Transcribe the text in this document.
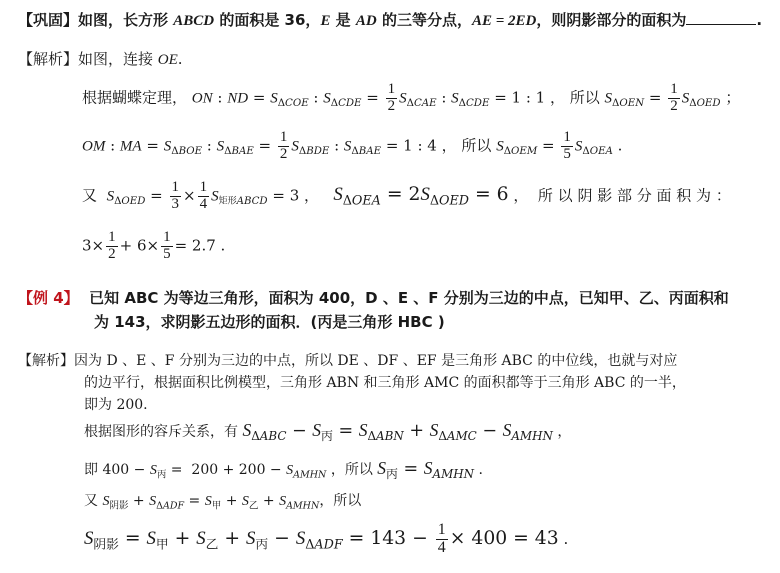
【巩固】如图，长方形 ABCD 的面积是 36，E 是 AD 的三等分点，AE = 2ED，则阴影部分的面积为	.
【解析】如图，连接 OE.
根据蝴蝶定理， ON : ND = $S_{\Delta COE}$ : $S_{\Delta CDE} = \frac{1}{2} S_{\Delta CAE}$ : $S_{\Delta CDE} = 1$ : 1 ， 所以 $S_{\Delta OEN} = \frac{1}{2} S_{\Delta OED}$ ；
OM : MA = $S_{\Delta BOE}$ : $S_{\Delta BAE} = \frac{1}{2} S_{\Delta BDE}$ : $S_{\Delta BAE} = 1$ : 4 ， 所以 $S_{\Delta OEM} = \frac{1}{5} S_{\Delta OEA}$ .
又 $S_{\Delta OED} = \frac{1}{3} \times \frac{1}{4} S_{矩形ABCD} = 3$ ，   $S_{\Delta OEA} = 2S_{\Delta OED} = 6$ ，  所 以 阴 影 部 分 面 积 为 ：
$3\times \frac{1}{2} + 6\times \frac{1}{5} = 2.7$ .
【例 4】 已知 ABC 为等边三角形，面积为 400，D 、E 、F 分别为三边的中点，已知甲、乙、丙面积和
为 143，求阴影五边形的面积．(丙是三角形 HBC )
【解析】因为 D 、E 、F 分别为三边的中点，所以 DE 、DF 、EF 是三角形 ABC 的中位线，也就与对应
的边平行，根据面积比例模型，三角形 ABN 和三角形 AMC 的面积都等于三角形 ABC 的一半，
即为 200.
根据图形的容斥关系，有 $S_{\Delta ABC} - S_丙 = S_{\Delta ABN} + S_{\Delta AMC} - S_{AMHN}$ ，
即 $400 - S_丙 = 200 + 200 - S_{AMHN}$ ，所以 $S_丙 = S_{AMHN}$ .
又 $S_{阴影} + S_{\Delta ADF} = S_甲 + S_乙 + S_{AMHN}$，所以
$S_{阴影} = S_甲 + S_乙 + S_丙 - S_{\Delta ADF} = 143 - \frac{1}{4} \times 400 = 43$ .
